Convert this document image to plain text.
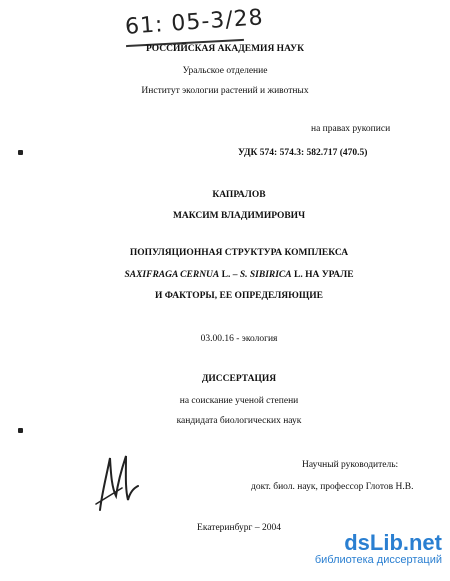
61: 05-3/28
РОССИЙСКАЯ АКАДЕМИЯ НАУК
Уральское отделение
Институт экологии растений и животных
на правах рукописи
УДК 574: 574.3: 582.717 (470.5)
КАПРАЛОВ
МАКСИМ ВЛАДИМИРОВИЧ
ПОПУЛЯЦИОННАЯ СТРУКТУРА КОМПЛЕКСА
SAXIFRAGA CERNUA L. – S. SIBIRICA L. НА УРАЛЕ
И ФАКТОРЫ, ЕЕ ОПРЕДЕЛЯЮЩИЕ
03.00.16 - экология
ДИССЕРТАЦИЯ
на соискание ученой степени
кандидата биологических наук
Научный руководитель:
докт. биол. наук, профессор Глотов Н.В.
Екатеринбург – 2004
dsLib.net
библиотека диссертаций
